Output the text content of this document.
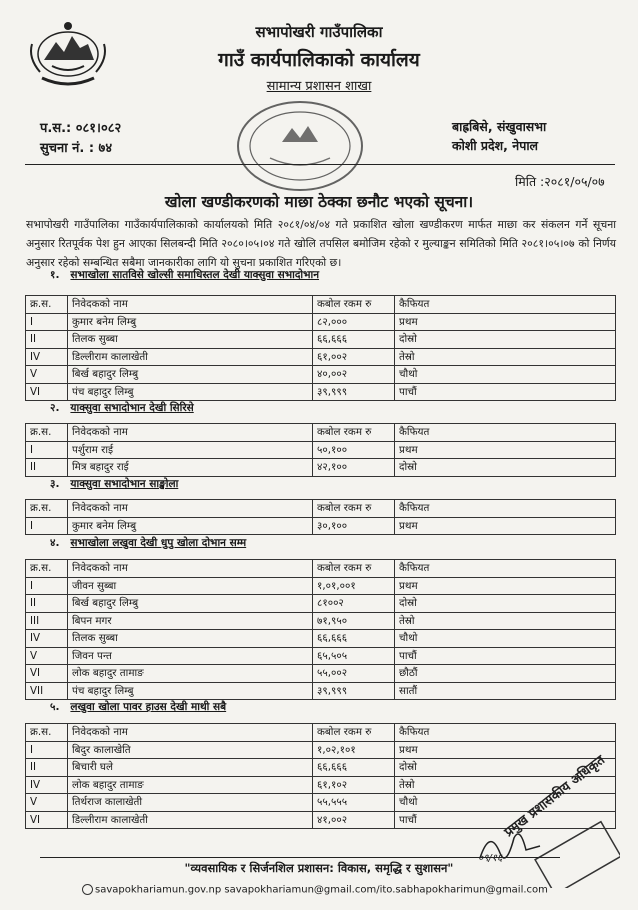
सभापोखरी गाउँपालिका
गाउँ कार्यपालिकाको कार्यालय
सामान्य प्रशासन शाखा
प.स.: ०८१।०८२
सुचना नं. : ७४
बाह्रबिसे, संखुवासभा
कोशी प्रदेश, नेपाल
मिति :२०८१/०५/०७
खोला खण्डीकरणको माछा ठेक्का छनौट भएको सूचना।
सभापोखरी गाउँपालिका गाउँकार्यपालिकाको कार्यालयको मिति २०८१/०४/०४ गते प्रकाशित खोला खण्डीकरण मार्फत माछा कर संकलन गर्ने सूचना अनुसार रितपूर्वक पेश हुन आएका सिलबन्दी मिति २०८०।०५।०४ गते खोलि तपसिल बमोजिम रहेको र मुल्याङ्कन समितिको मिति २०८१।०५।०७ को निर्णय अनुसार रहेको सम्बन्धित सबैमा जानकारीका लागि यो सुचना प्रकाशित गरिएको छ।
१. सभाखोला सातविसे खोल्सी समाधिस्तल देखी याक्सुवा सभादोभान
क्र.स.	निवेदकको नाम	कबोल रकम रु	कैफियत
I	कुमार बनेम लिम्बु	८२,०००	प्रथम
II	तिलक सुब्बा	६६,६६६	दोस्रो
IV	डिल्लीराम कालाखेती	६१,००२	तेस्रो
V	बिर्ख बहादुर लिम्बु	४०,००२	चौथो
VI	पंच बहादुर लिम्बु	३९,९९९	पाचौं
२. याक्सुवा सभादोभान देखी सिरिसे
क्र.स.	निवेदकको नाम	कबोल रकम रु	कैफियत
I	पर्शुराम राई	५०,१००	प्रथम
II	मित्र बहादुर राई	४२,१००	दोस्रो
३. याक्सुवा सभादोभान साङ्खोला
क्र.स.	निवेदकको नाम	कबोल रकम रु	कैफियत
I	कुमार बनेम लिम्बु	३०,१००	प्रथम
४. सभाखोला लखुवा देखी धुपु खोला दोभान सम्म
क्र.स.	निवेदकको नाम	कबोल रकम रु	कैफियत
I	जीवन सुब्बा	१,०१,००१	प्रथम
II	बिर्ख बहादुर लिम्बु	८१००२	दोस्रो
III	बिपन मगर	७१,९५०	तेस्रो
IV	तिलक सुब्बा	६६,६६६	चौथो
V	जिवन पन्त	६५,५०५	पाचौं
VI	लोक बहादुर तामाङ	५५,००२	छौठौं
VII	पंच बहादुर लिम्बु	३९,९९९	सातौं
५. लखुवा खोला पावर हाउस देखी माथी सबै
क्र.स.	निवेदकको नाम	कबोल रकम रु	कैफियत
I	बिदुर कालाखेति	१,०२,१०१	प्रथम
II	बिचारी घले	६६,६६६	दोस्रो
IV	लोक बहादुर तामाङ	६१,१०२	तेस्रो
V	तिर्थराज कालाखेती	५५,५५५	चौथो
VI	डिल्लीराम कालाखेती	४१,००२	पाचौं
०९/१६
प्रमुख प्रशासकीय अधिकृत
"व्यवसायिक र सिर्जनशिल प्रशासन: विकास, समृद्धि र सुशासन"
savapokhariamun.gov.np savapokhariamun@gmail.com/ito.sabhapokharimun@gmail.com
